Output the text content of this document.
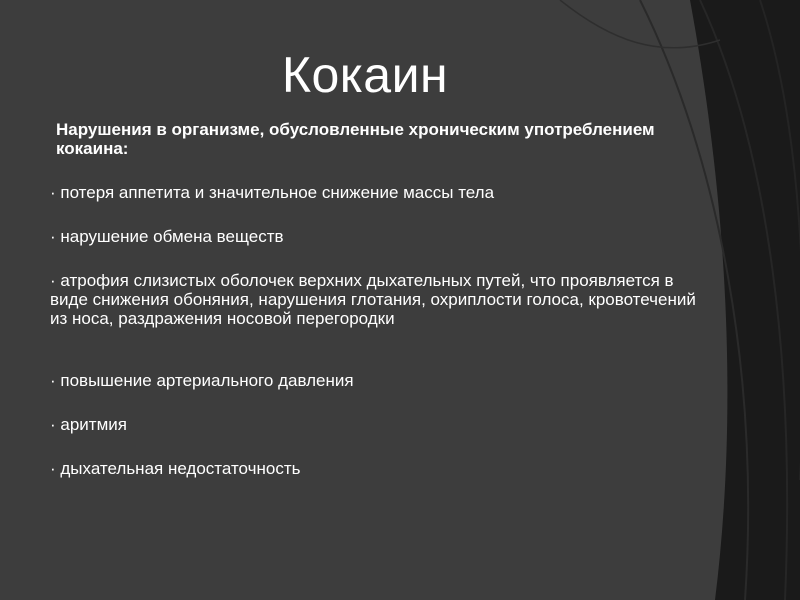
Кокаин

Нарушения в организме, обусловленные хроническим употреблением кокаина:

· потеря аппетита и значительное снижение массы тела

· нарушение обмена веществ

· атрофия слизистых оболочек верхних дыхательных путей, что проявляется в виде снижения обоняния, нарушения глотания, охриплости голоса, кровотечений из носа, раздражения носовой перегородки

· повышение артериального давления

· аритмия

· дыхательная недостаточность
